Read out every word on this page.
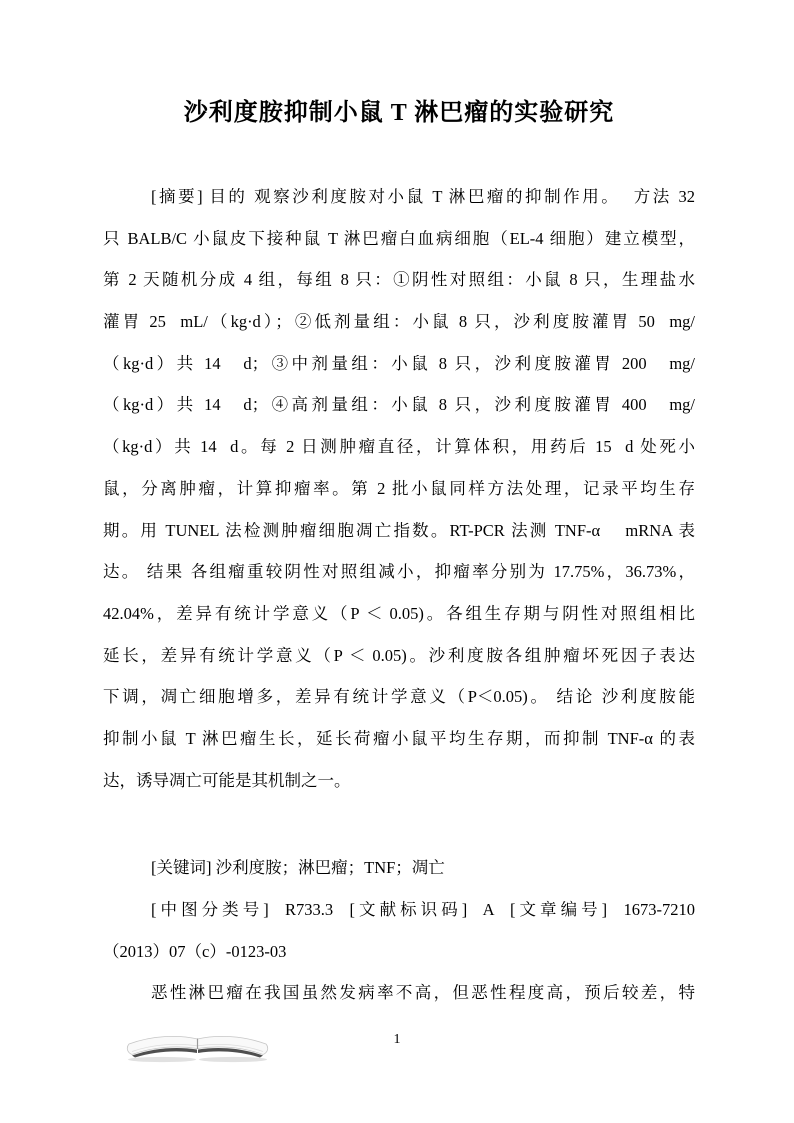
沙利度胺抑制小鼠 T 淋巴瘤的实验研究
[摘要] 目的 观察沙利度胺对小鼠 T 淋巴瘤的抑制作用。  方法 32
只 BALB/C 小鼠皮下接种鼠 T 淋巴瘤白血病细胞（EL-4 细胞）建立模型，
第 2 天随机分成 4 组，每组 8 只：①阴性对照组：小鼠 8 只，生理盐水
灌胃 25  mL/（kg·d）；②低剂量组：小鼠 8 只，沙利度胺灌胃 50  mg/
（kg·d）共 14   d；③中剂量组：小鼠 8 只，沙利度胺灌胃 200   mg/
（kg·d）共 14   d；④高剂量组：小鼠 8 只，沙利度胺灌胃 400   mg/
（kg·d）共 14  d。每 2 日测肿瘤直径，计算体积，用药后 15  d 处死小
鼠，分离肿瘤，计算抑瘤率。第 2 批小鼠同样方法处理，记录平均生存
期。用 TUNEL 法检测肿瘤细胞凋亡指数。RT-PCR 法测 TNF-α    mRNA 表
达。 结果 各组瘤重较阴性对照组减小，抑瘤率分别为 17.75%，36.73%，
42.04%，差异有统计学意义（P ＜ 0.05)。各组生存期与阴性对照组相比
延长，差异有统计学意义（P ＜ 0.05)。沙利度胺各组肿瘤坏死因子表达
下调，凋亡细胞增多，差异有统计学意义（P＜0.05)。 结论 沙利度胺能
抑制小鼠 T 淋巴瘤生长，延长荷瘤小鼠平均生存期，而抑制 TNF-α 的表
达，诱导凋亡可能是其机制之一。
[关键词] 沙利度胺；淋巴瘤；TNF；凋亡
[中图分类号]  R733.3  [文献标识码]  A  [文章编号]  1673-7210
（2013）07（c）-0123-03
恶性淋巴瘤在我国虽然发病率不高，但恶性程度高，预后较差，特
1
